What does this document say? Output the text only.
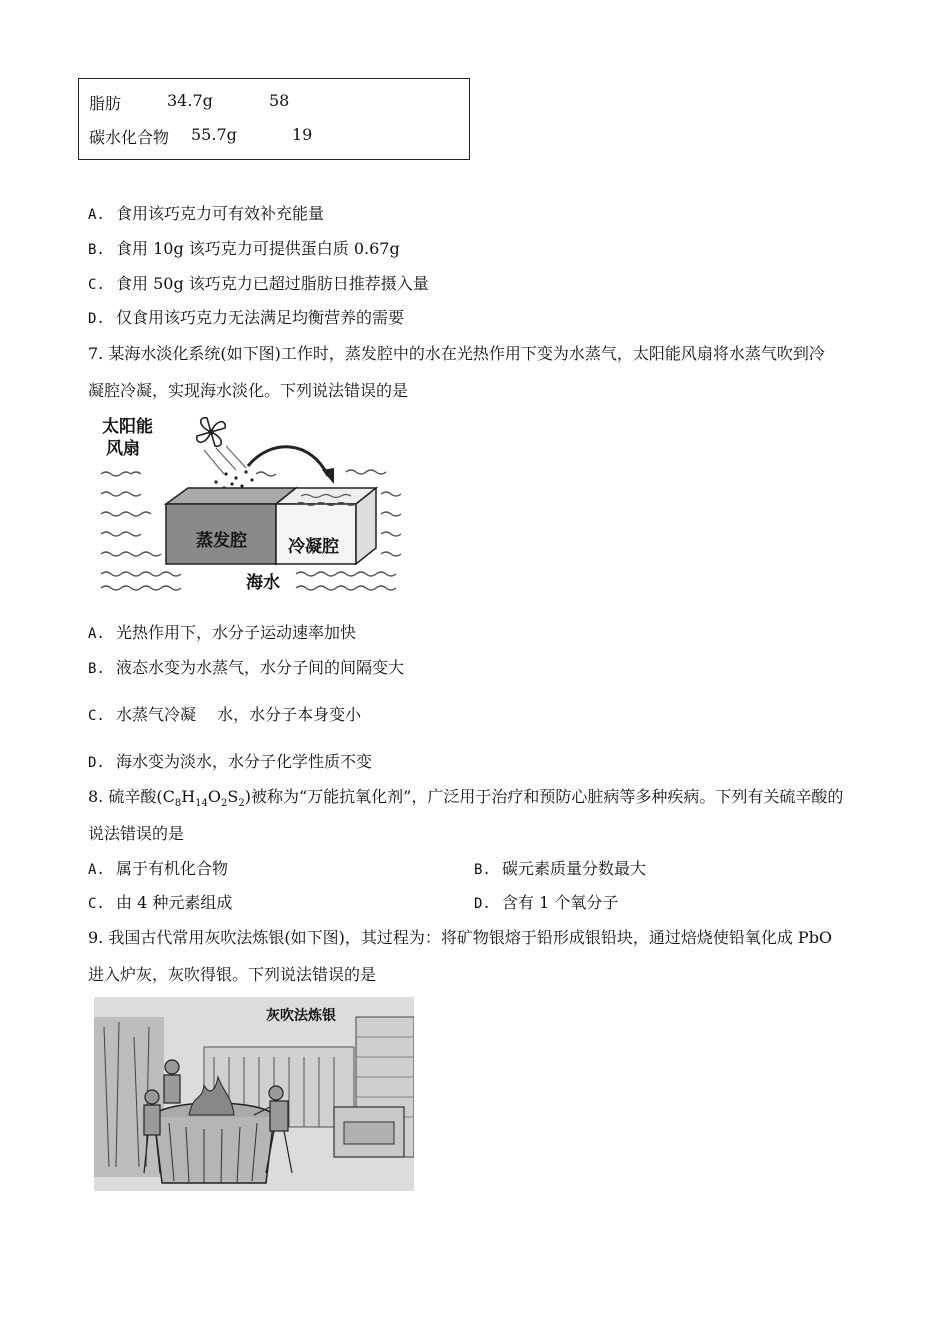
脂肪	34.7g	58
碳水化合物 55.7g	19
A. 食用该巧克力可有效补充能量
B. 食用 10g 该巧克力可提供蛋白质 0.67g
C. 食用 50g 该巧克力已超过脂肪日推荐摄入量
D. 仅食用该巧克力无法满足均衡营养的需要
7. 某海水淡化系统(如下图)工作时，蒸发腔中的水在光热作用下变为水蒸气，太阳能风扇将水蒸气吹到冷
凝腔冷凝，实现海水淡化。下列说法错误的是
太阳能
风扇
蒸发腔 冷凝腔
海水
A. 光热作用下，水分子运动速率加快
B. 液态水变为水蒸气，水分子间的间隔变大
C. 水蒸气冷凝　 水，水分子本身变小
D. 海水变为淡水，水分子化学性质不变
8. 硫辛酸$(C_8H_{14}O_2S_2)$被称为“万能抗氧化剂”，广泛用于治疗和预防心脏病等多种疾病。下列有关硫辛酸的
说法错误的是
A. 属于有机化合物	B. 碳元素质量分数最大
C. 由 4 种元素组成	D. 含有 1 个氧分子
9. 我国古代常用灰吹法炼银(如下图)，其过程为：将矿物银熔于铅形成银铅块，通过焙烧使铅氧化成 PbO
进入炉灰，灰吹得银。下列说法错误的是
灰吹法炼银
